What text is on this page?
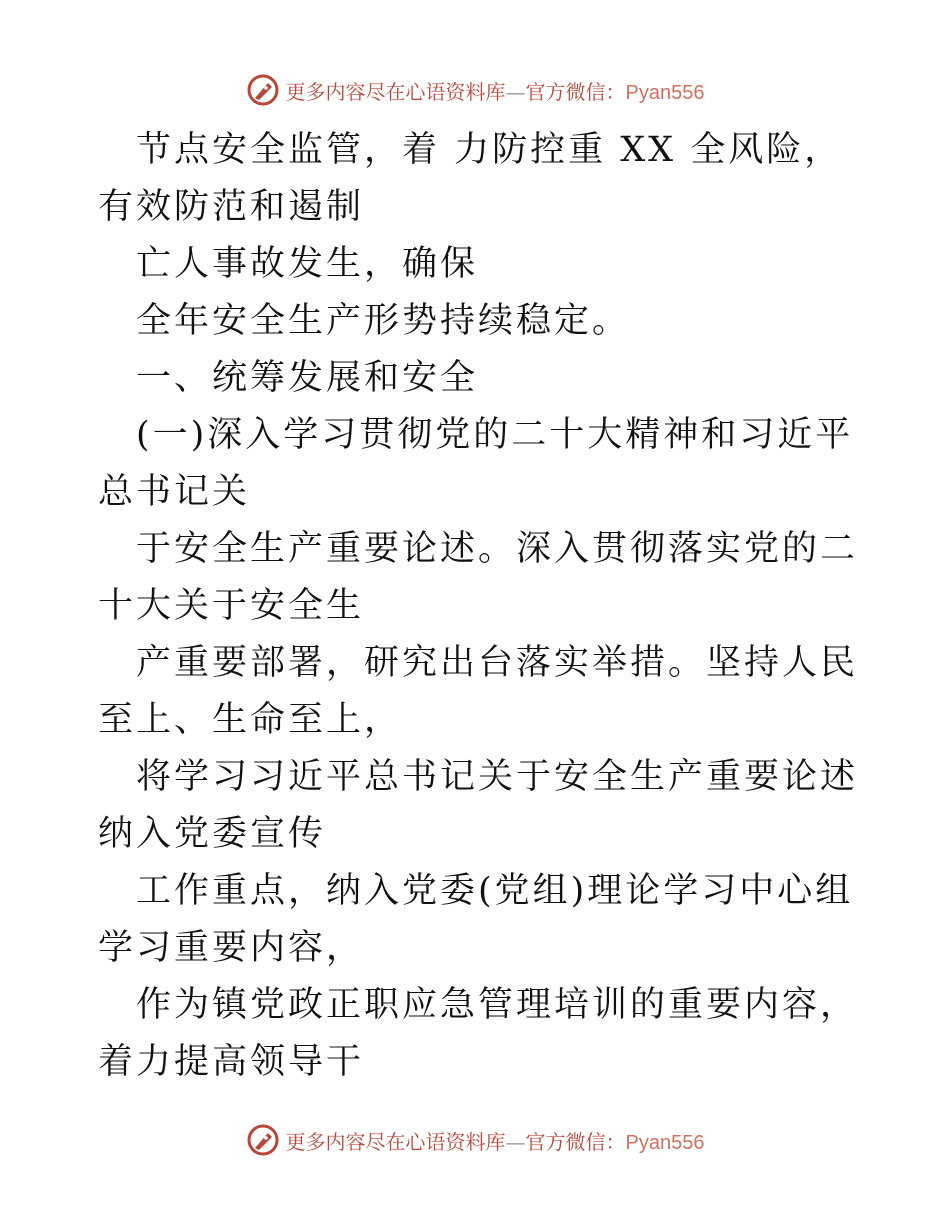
更多内容尽在心语资料库—官方微信：Pyan556

节点安全监管，着 力防控重 XX 全风险，有效防范和遏制

亡人事故发生，确保

全年安全生产形势持续稳定。

一、统筹发展和安全

(一)深入学习贯彻党的二十大精神和习近平总书记关

于安全生产重要论述。深入贯彻落实党的二十大关于安全生

产重要部署，研究出台落实举措。坚持人民至上、生命至上，

将学习习近平总书记关于安全生产重要论述纳入党委宣传

工作重点，纳入党委(党组)理论学习中心组学习重要内容，

作为镇党政正职应急管理培训的重要内容，着力提高领导干

更多内容尽在心语资料库—官方微信：Pyan556
